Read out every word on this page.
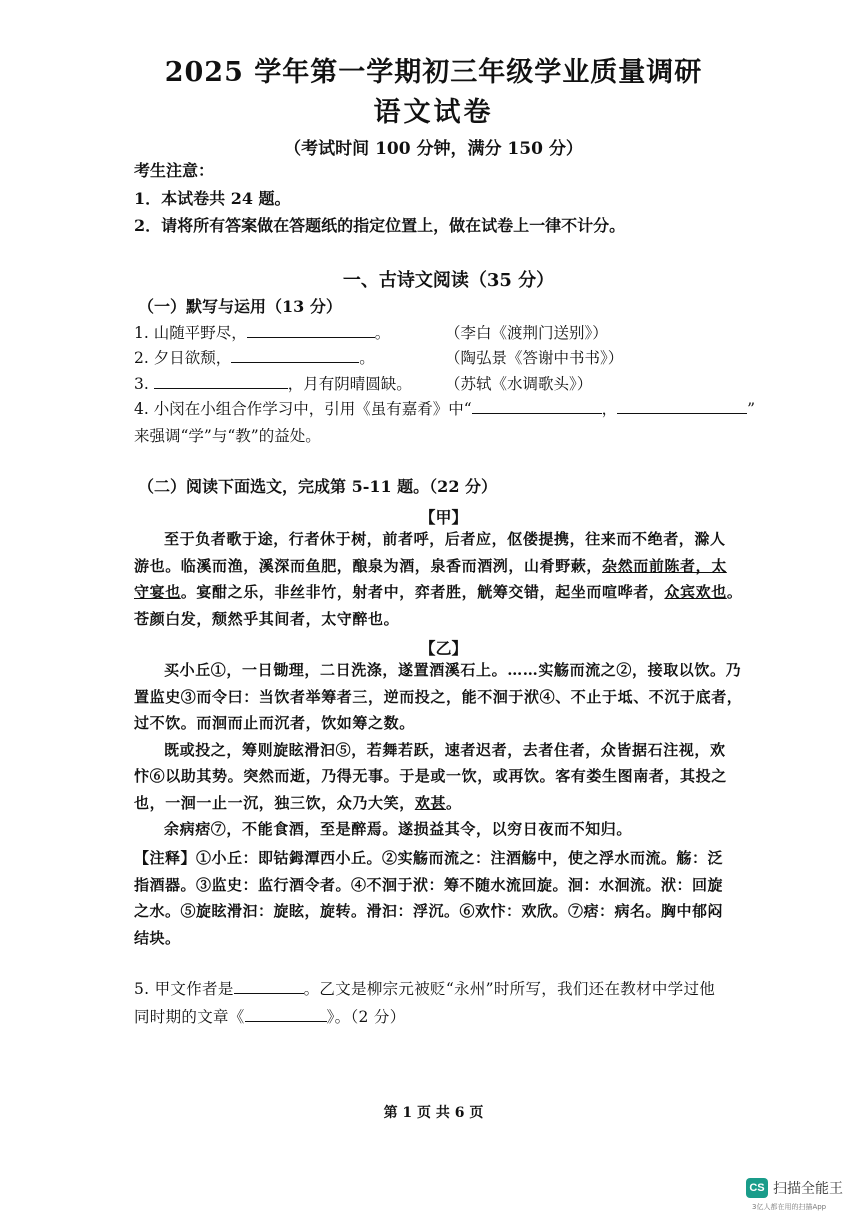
2025 学年第一学期初三年级学业质量调研
语文试卷
（考试时间 100 分钟，满分 150 分）
考生注意：
1．本试卷共 24 题。
2．请将所有答案做在答题纸的指定位置上，做在试卷上一律不计分。
一、古诗文阅读（35 分）
（一）默写与运用（13 分）
1. 山随平野尽，	。	（李白《渡荆门送别》）
2. 夕日欲颓，	。	（陶弘景《答谢中书书》）
3.	，月有阴晴圆缺。 （苏轼《水调歌头》）
4. 小闵在小组合作学习中，引用《虽有嘉肴》中“	，	”
来强调“学”与“教”的益处。
（二）阅读下面选文，完成第 5-11 题。（22 分）
【甲】
至于负者歌于途，行者休于树，前者呼，后者应，伛偻提携，往来而不绝者，滁人
游也。临溪而渔，溪深而鱼肥，酿泉为酒，泉香而酒洌，山肴野蔌，杂然而前陈者，太
守宴也。宴酣之乐，非丝非竹，射者中，弈者胜，觥筹交错，起坐而喧哗者，众宾欢也。
苍颜白发，颓然乎其间者，太守醉也。
【乙】
买小丘①，一日锄理，二日洗涤，遂置酒溪石上。……实觞而流之②，接取以饮。乃
置监史③而令曰：当饮者举筹者三，逆而投之，能不洄于洑④、不止于坻、不沉于底者，
过不饮。而洄而止而沉者，饮如筹之数。
既或投之，筹则旋眩滑汩⑤，若舞若跃，速者迟者，去者住者，众皆据石注视，欢
忭⑥以助其势。突然而逝，乃得无事。于是或一饮，或再饮。客有娄生图南者，其投之
也，一洄一止一沉，独三饮，众乃大笑，欢甚。
余病痞⑦，不能食酒，至是醉焉。遂损益其令，以穷日夜而不知归。
【注释】①小丘：即钴鉧潭西小丘。②实觞而流之：注酒觞中，使之浮水而流。觞：泛
指酒器。③监史：监行酒令者。④不洄于洑：筹不随水流回旋。洄：水洄流。洑：回旋
之水。⑤旋眩滑汩：旋眩，旋转。滑汩：浮沉。⑥欢忭：欢欣。⑦痞：病名。胸中郁闷
结块。
5. 甲文作者是	。乙文是柳宗元被贬“永州”时所写，我们还在教材中学过他
同时期的文章《	》。（2 分）
第 1 页 共 6 页
CS 扫描全能王
3亿人都在用的扫描App
